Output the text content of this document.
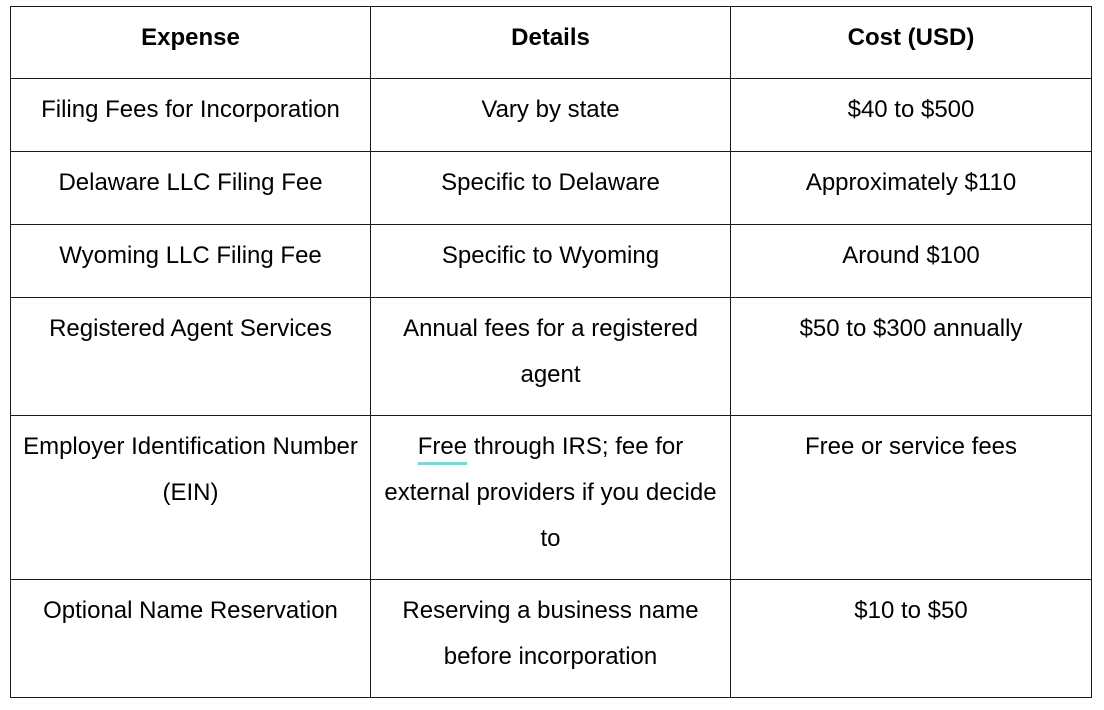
Expense	Details	Cost (USD)
Filing Fees for Incorporation	Vary by state	$40 to $500
Delaware LLC Filing Fee	Specific to Delaware	Approximately $110
Wyoming LLC Filing Fee	Specific to Wyoming	Around $100
Registered Agent Services	Annual fees for a registered agent	$50 to $300 annually
Employer Identification Number (EIN)	Free through IRS; fee for external providers if you decide to	Free or service fees
Optional Name Reservation	Reserving a business name before incorporation	$10 to $50
